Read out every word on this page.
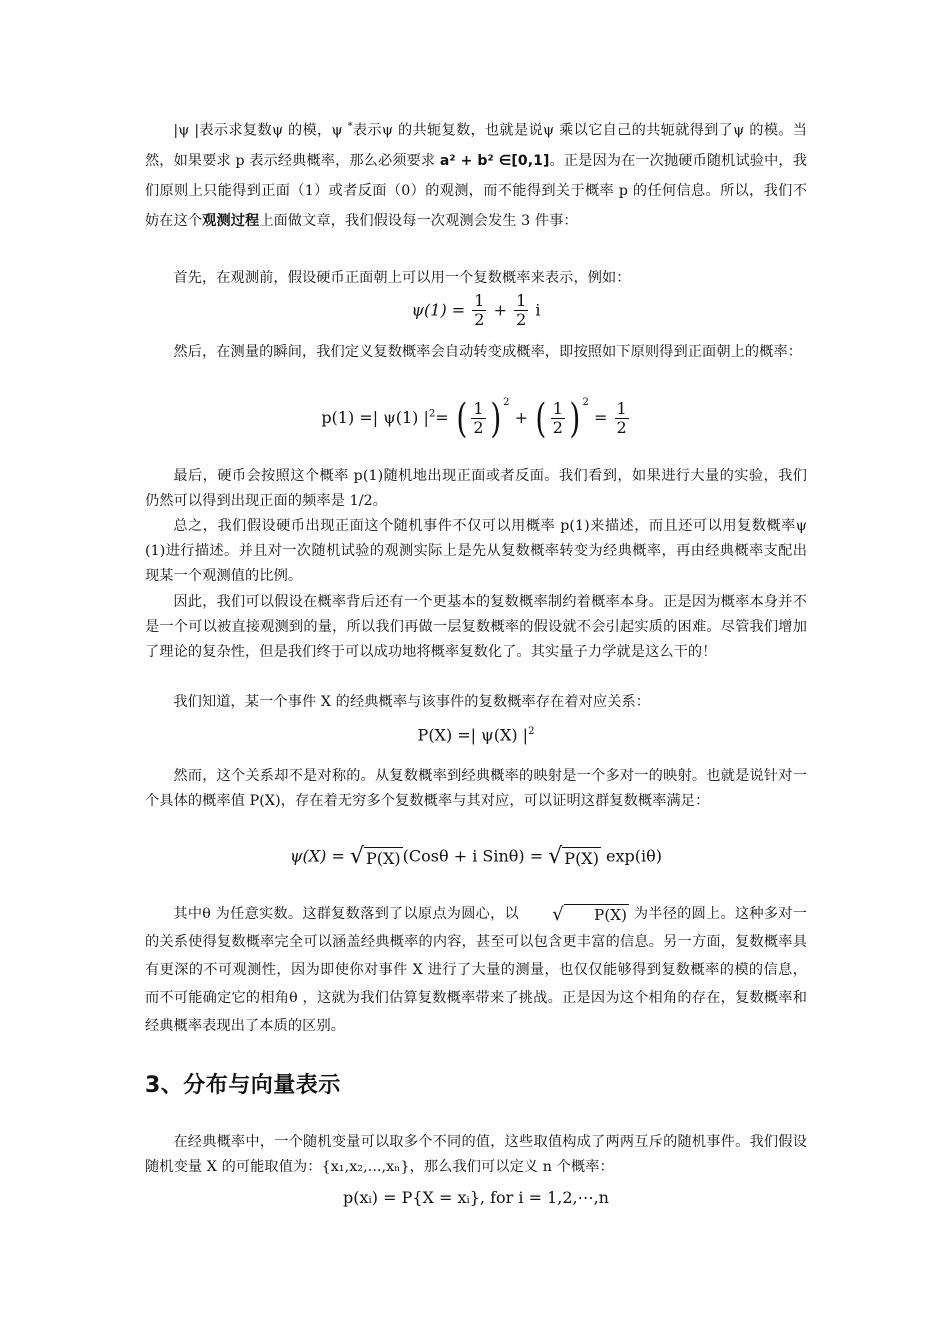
|ψ |表示求复数ψ 的模，ψ *表示ψ 的共轭复数，也就是说ψ 乘以它自己的共轭就得到了ψ 的模。当然，如果要求 p 表示经典概率，那么必须要求 a² + b² ∈[0,1]。正是因为在一次抛硬币随机试验中，我们原则上只能得到正面（1）或者反面（0）的观测，而不能得到关于概率 p 的任何信息。所以，我们不妨在这个观测过程上面做文章，我们假设每一次观测会发生 3 件事：

首先，在观测前，假设硬币正面朝上可以用一个复数概率来表示，例如：

$\psi(1) = \frac{1}{2} + \frac{1}{2}$ i

然后，在测量的瞬间，我们定义复数概率会自动转变成概率，即按照如下原则得到正面朝上的概率：

p(1) =| ψ(1) $|^2=$ ( $\frac{1}{2}$ ) $^2$ + ( $\frac{1}{2}$ ) $^2 = \frac{1}{2}$

最后，硬币会按照这个概率 p(1)随机地出现正面或者反面。我们看到，如果进行大量的实验，我们仍然可以得到出现正面的频率是 1/2。

总之，我们假设硬币出现正面这个随机事件不仅可以用概率 p(1)来描述，而且还可以用复数概率ψ (1)进行描述。并且对一次随机试验的观测实际上是先从复数概率转变为经典概率，再由经典概率支配出现某一个观测值的比例。

因此，我们可以假设在概率背后还有一个更基本的复数概率制约着概率本身。正是因为概率本身并不是一个可以被直接观测到的量，所以我们再做一层复数概率的假设就不会引起实质的困难。尽管我们增加了理论的复杂性，但是我们终于可以成功地将概率复数化了。其实量子力学就是这么干的！

我们知道，某一个事件 X 的经典概率与该事件的复数概率存在着对应关系：

P(X) =| ψ(X) $|^2$

然而，这个关系却不是对称的。从复数概率到经典概率的映射是一个多对一的映射。也就是说针对一个具体的概率值 P(X)，存在着无穷多个复数概率与其对应，可以证明这群复数概率满足：

ψ(X) = √ P(X) (Cosθ + i Sinθ) = √ P(X) exp(iθ)

其中θ 为任意实数。这群复数落到了以原点为圆心，以	√	P(X) 为半径的圆上。这种多对一的关系使得复数概率完全可以涵盖经典概率的内容，甚至可以包含更丰富的信息。另一方面，复数概率具有更深的不可观测性，因为即使你对事件 X 进行了大量的测量，也仅仅能够得到复数概率的模的信息，而不可能确定它的相角θ ，这就为我们估算复数概率带来了挑战。正是因为这个相角的存在，复数概率和经典概率表现出了本质的区别。

3、分布与向量表示

在经典概率中，一个随机变量可以取多个不同的值，这些取值构成了两两互斥的随机事件。我们假设随机变量 X 的可能取值为：{x₁,x₂,...,xₙ}，那么我们可以定义 n 个概率：

p(xᵢ) = P{X = xᵢ}, for i = 1,2,⋯,n
